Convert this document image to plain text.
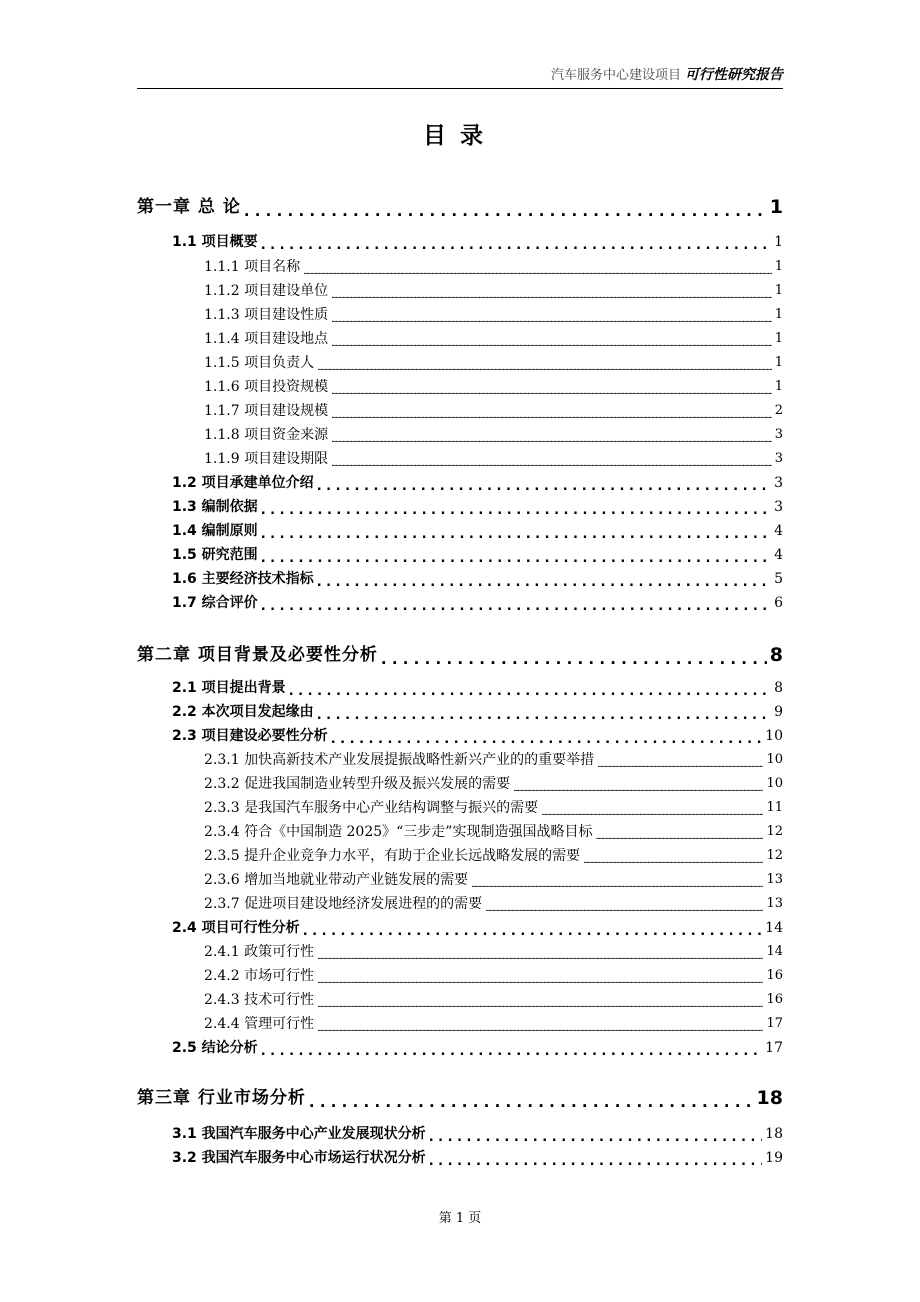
汽车服务中心建设项目 可行性研究报告
目录
第一章 总 论 . . .	1
1.1 项目概要 . . .	1
1.1.1 项目名称 .....	1
1.1.2 项目建设单位 .....	1
1.1.3 项目建设性质 .....	1
1.1.4 项目建设地点 .....	1
1.1.5 项目负责人 .....	1
1.1.6 项目投资规模 .....	1
1.1.7 项目建设规模 .....	2
1.1.8 项目资金来源 .....	3
1.1.9 项目建设期限 .....	3
1.2 项目承建单位介绍 . . .	3
1.3 编制依据 . . .	3
1.4 编制原则 . . .	4
1.5 研究范围 . . .	4
1.6 主要经济技术指标 . . .	5
1.7 综合评价 . . .	6
第二章 项目背景及必要性分析 . . .	8
2.1 项目提出背景 . . .	8
2.2 本次项目发起缘由 . . .	9
2.3 项目建设必要性分析 . . .	10
2.3.1 加快高新技术产业发展提振战略性新兴产业的的重要举措 .....	10
2.3.2 促进我国制造业转型升级及振兴发展的需要 .....	10
2.3.3 是我国汽车服务中心产业结构调整与振兴的需要 .....	11
2.3.4 符合《中国制造 2025》“三步走”实现制造强国战略目标 .....	12
2.3.5 提升企业竞争力水平，有助于企业长远战略发展的需要 .....	12
2.3.6 增加当地就业带动产业链发展的需要 .....	13
2.3.7 促进项目建设地经济发展进程的的需要 .....	13
2.4 项目可行性分析 . . .	14
2.4.1 政策可行性 .....	14
2.4.2 市场可行性 .....	16
2.4.3 技术可行性 .....	16
2.4.4 管理可行性 .....	17
2.5 结论分析 . . .	17
第三章 行业市场分析 . . .	18
3.1 我国汽车服务中心产业发展现状分析 . . .	18
3.2 我国汽车服务中心市场运行状况分析 . . .	19
第 1 页
